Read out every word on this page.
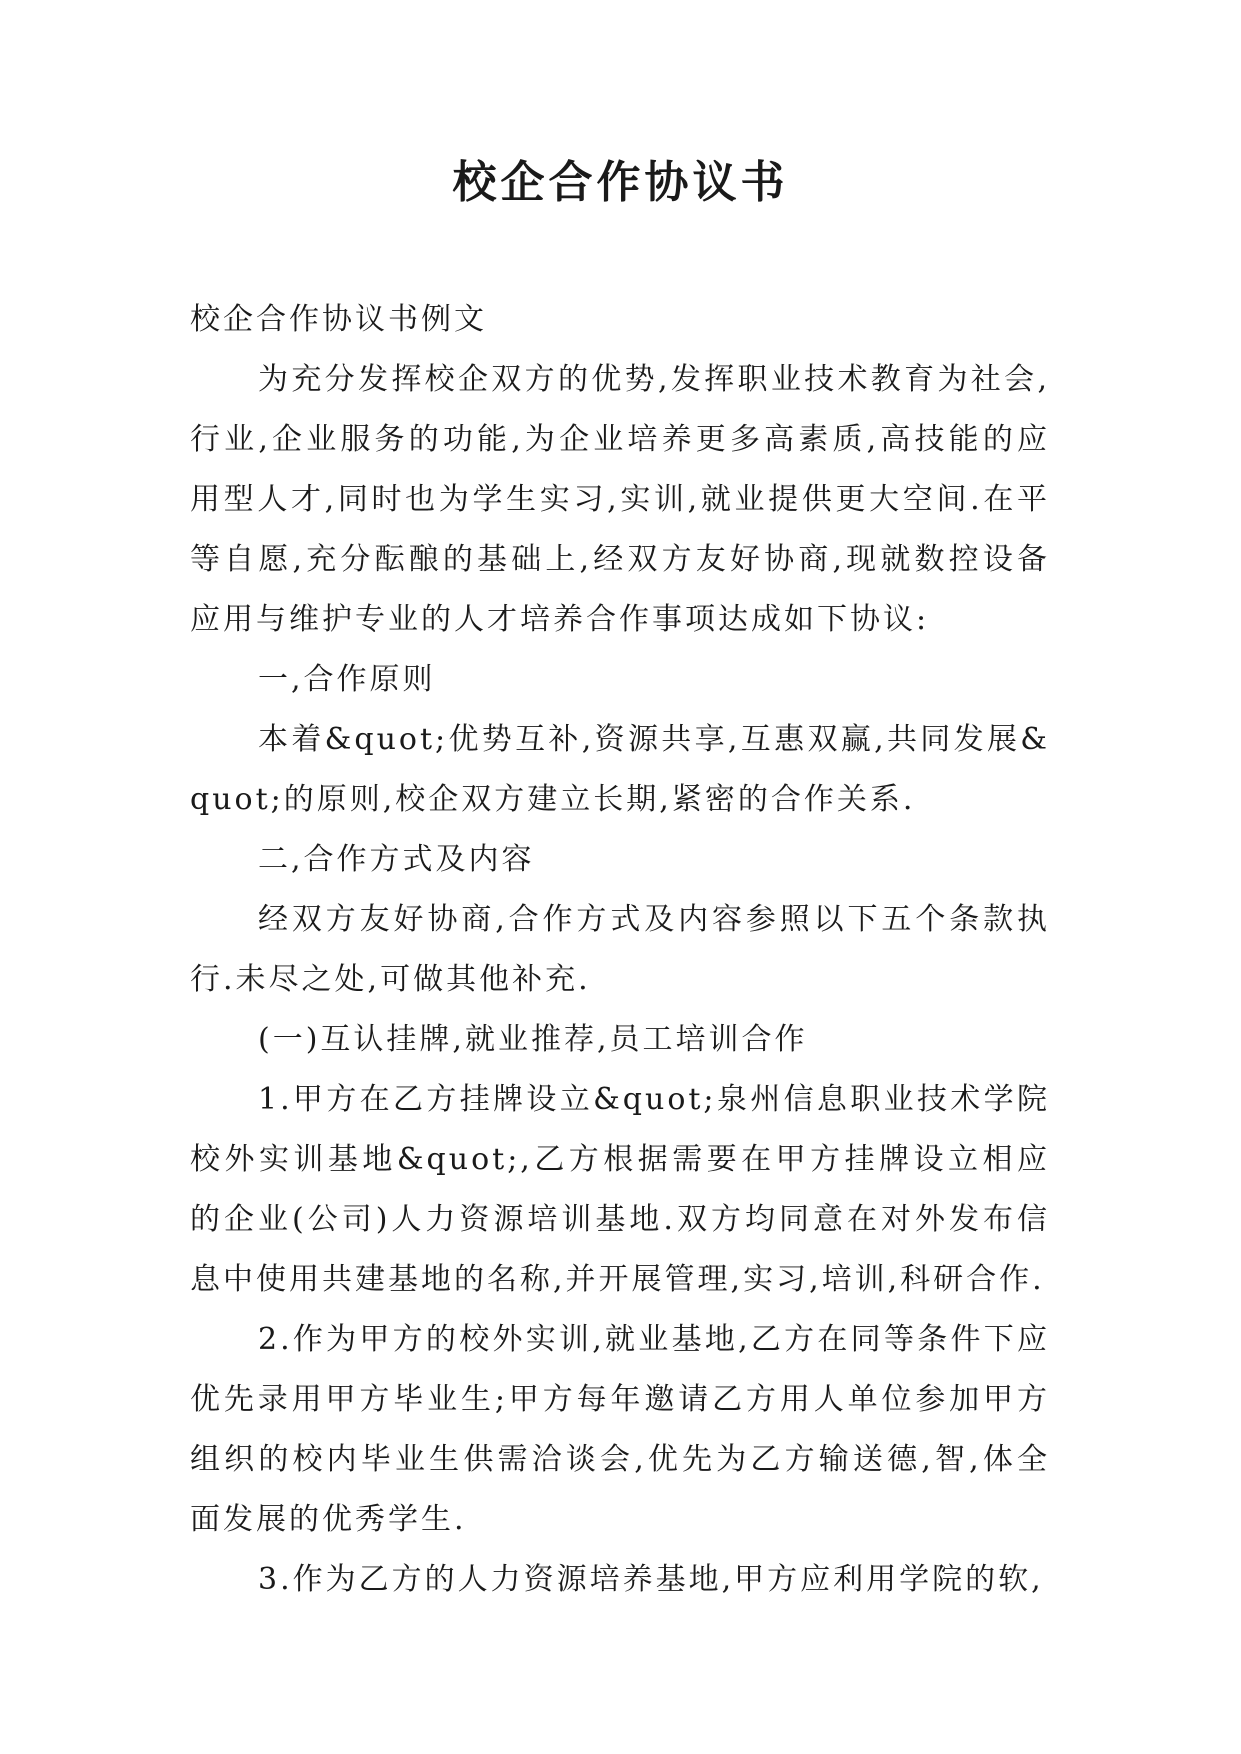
校企合作协议书

校企合作协议书例文

为充分发挥校企双方的优势,发挥职业技术教育为社会,行业,企业服务的功能,为企业培养更多高素质,高技能的应用型人才,同时也为学生实习,实训,就业提供更大空间.在平等自愿,充分酝酿的基础上,经双方友好协商,现就数控设备应用与维护专业的人才培养合作事项达成如下协议:

一,合作原则

本着&quot;优势互补,资源共享,互惠双赢,共同发展&quot;的原则,校企双方建立长期,紧密的合作关系.

二,合作方式及内容

经双方友好协商,合作方式及内容参照以下五个条款执行.未尽之处,可做其他补充.

(一)互认挂牌,就业推荐,员工培训合作

1.甲方在乙方挂牌设立&quot;泉州信息职业技术学院校外实训基地&quot;,乙方根据需要在甲方挂牌设立相应的企业(公司)人力资源培训基地.双方均同意在对外发布信息中使用共建基地的名称,并开展管理,实习,培训,科研合作.

2.作为甲方的校外实训,就业基地,乙方在同等条件下应优先录用甲方毕业生;甲方每年邀请乙方用人单位参加甲方组织的校内毕业生供需洽谈会,优先为乙方输送德,智,体全面发展的优秀学生.

3.作为乙方的人力资源培养基地,甲方应利用学院的软,
